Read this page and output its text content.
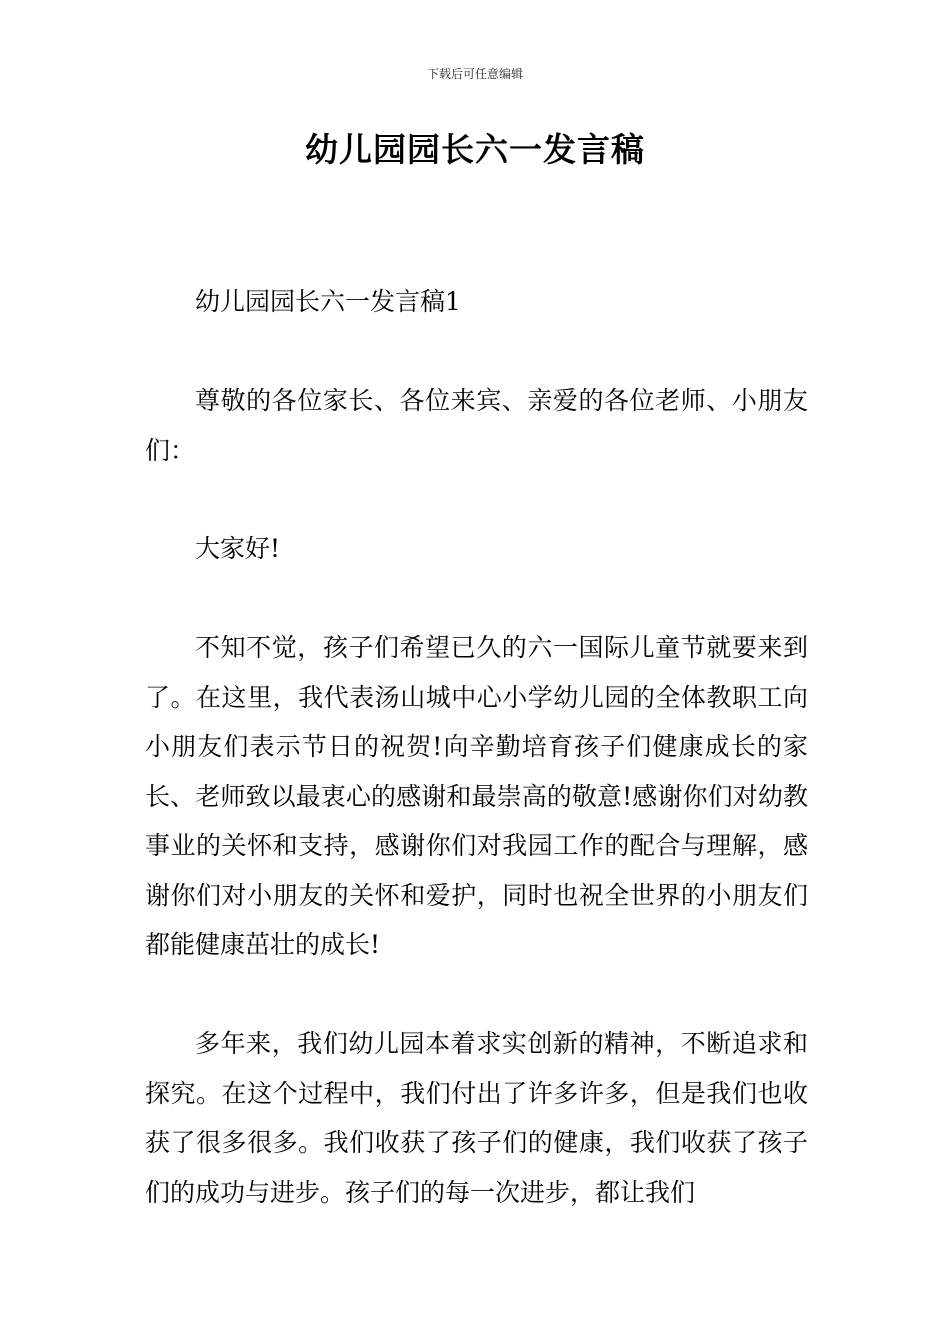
下载后可任意编辑
幼儿园园长六一发言稿

幼儿园园长六一发言稿1

尊敬的各位家长、各位来宾、亲爱的各位老师、小朋友们：

大家好!

不知不觉，孩子们希望已久的六一国际儿童节就要来到了。在这里，我代表汤山城中心小学幼儿园的全体教职工向小朋友们表示节日的祝贺!向辛勤培育孩子们健康成长的家长、老师致以最衷心的感谢和最崇高的敬意!感谢你们对幼教事业的关怀和支持，感谢你们对我园工作的配合与理解，感谢你们对小朋友的关怀和爱护，同时也祝全世界的小朋友们都能健康茁壮的成长!

多年来，我们幼儿园本着求实创新的精神，不断追求和探究。在这个过程中，我们付出了许多许多，但是我们也收获了很多很多。我们收获了孩子们的健康，我们收获了孩子们的成功与进步。孩子们的每一次进步，都让我们
